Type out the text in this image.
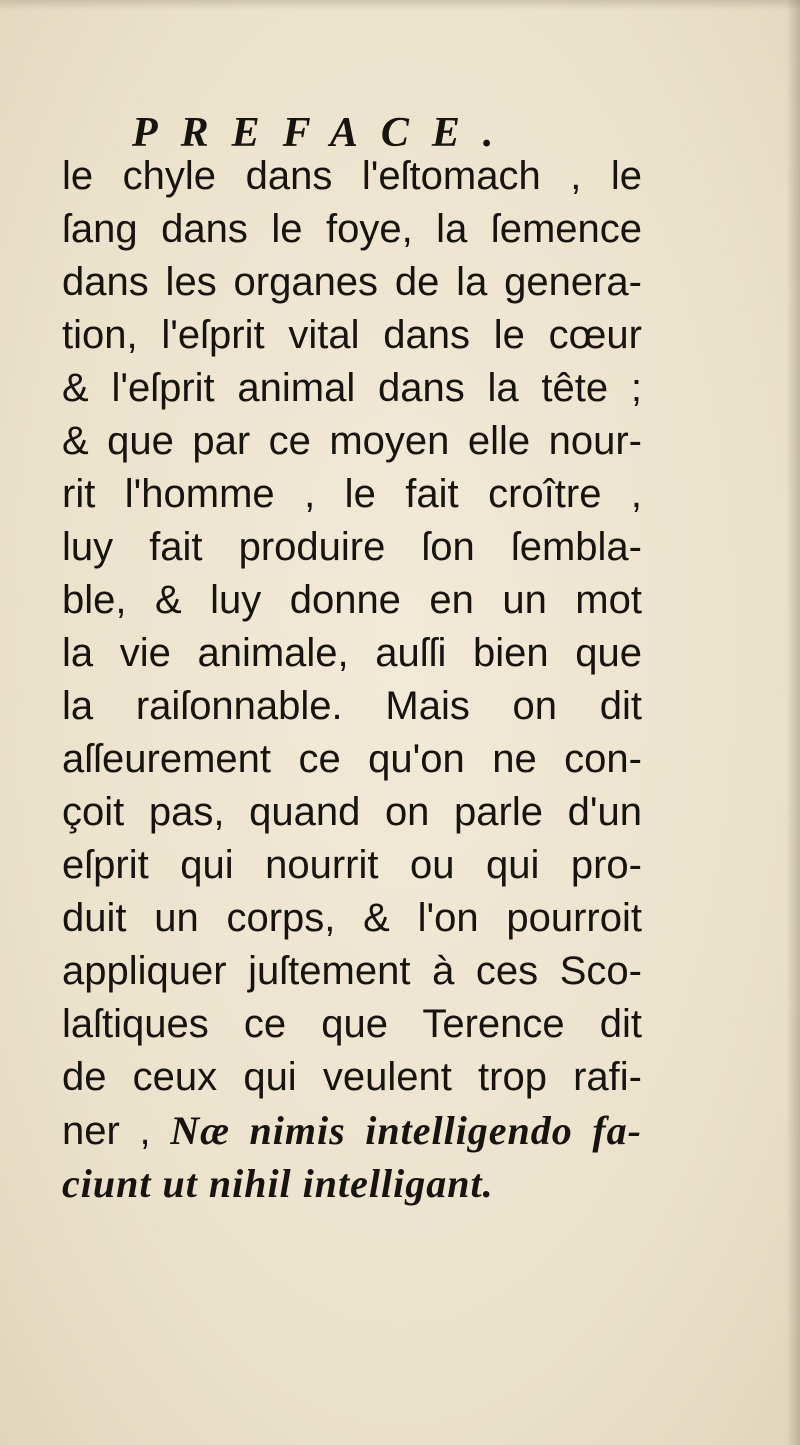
PREFACE.
le chyle dans l'eſtomach , le
ſang dans le foye, la ſemence
dans les organes de la genera-
tion, l'eſprit vital dans le cœur
& l'eſprit animal dans la tête ;
& que par ce moyen elle nour-
rit l'homme , le fait croître ,
luy fait produire ſon ſembla-
ble, & luy donne en un mot
la vie animale, auſſi bien que
la raiſonnable. Mais on dit
aſſeurement ce qu'on ne con-
çoit pas, quand on parle d'un
eſprit qui nourrit ou qui pro-
duit un corps, & l'on pourroit
appliquer juſtement à ces Sco-
laſtiques ce que Terence dit
de ceux qui veulent trop rafi-
ner , Næ nimis intelligendo fa-
ciunt ut nihil intelligant.
